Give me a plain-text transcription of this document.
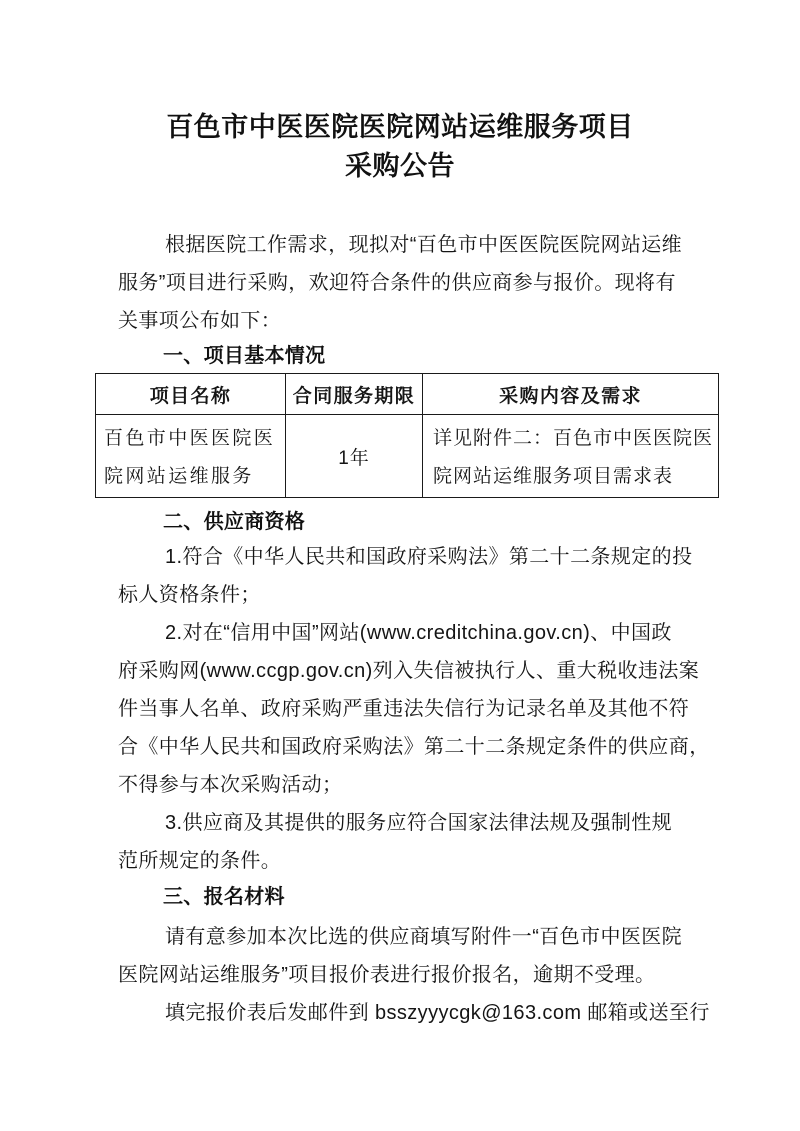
百色市中医医院医院网站运维服务项目
采购公告
根据医院工作需求，现拟对“百色市中医医院医院网站运维
服务”项目进行采购，欢迎符合条件的供应商参与报价。现将有
关事项公布如下：
一、项目基本情况
项目名称	合同服务期限	采购内容及需求
百色市中医医院医院网站运维服务	1年	详见附件二：百色市中医医院医院网站运维服务项目需求表
二、供应商资格
1.符合《中华人民共和国政府采购法》第二十二条规定的投
标人资格条件；
2.对在“信用中国”网站(www.creditchina.gov.cn)、中国政
府采购网(www.ccgp.gov.cn)列入失信被执行人、重大税收违法案
件当事人名单、政府采购严重违法失信行为记录名单及其他不符
合《中华人民共和国政府采购法》第二十二条规定条件的供应商，
不得参与本次采购活动；
3.供应商及其提供的服务应符合国家法律法规及强制性规
范所规定的条件。
三、报名材料
请有意参加本次比选的供应商填写附件一“百色市中医医院
医院网站运维服务”项目报价表进行报价报名，逾期不受理。
填完报价表后发邮件到 bsszyyycgk@163.com 邮箱或送至行
